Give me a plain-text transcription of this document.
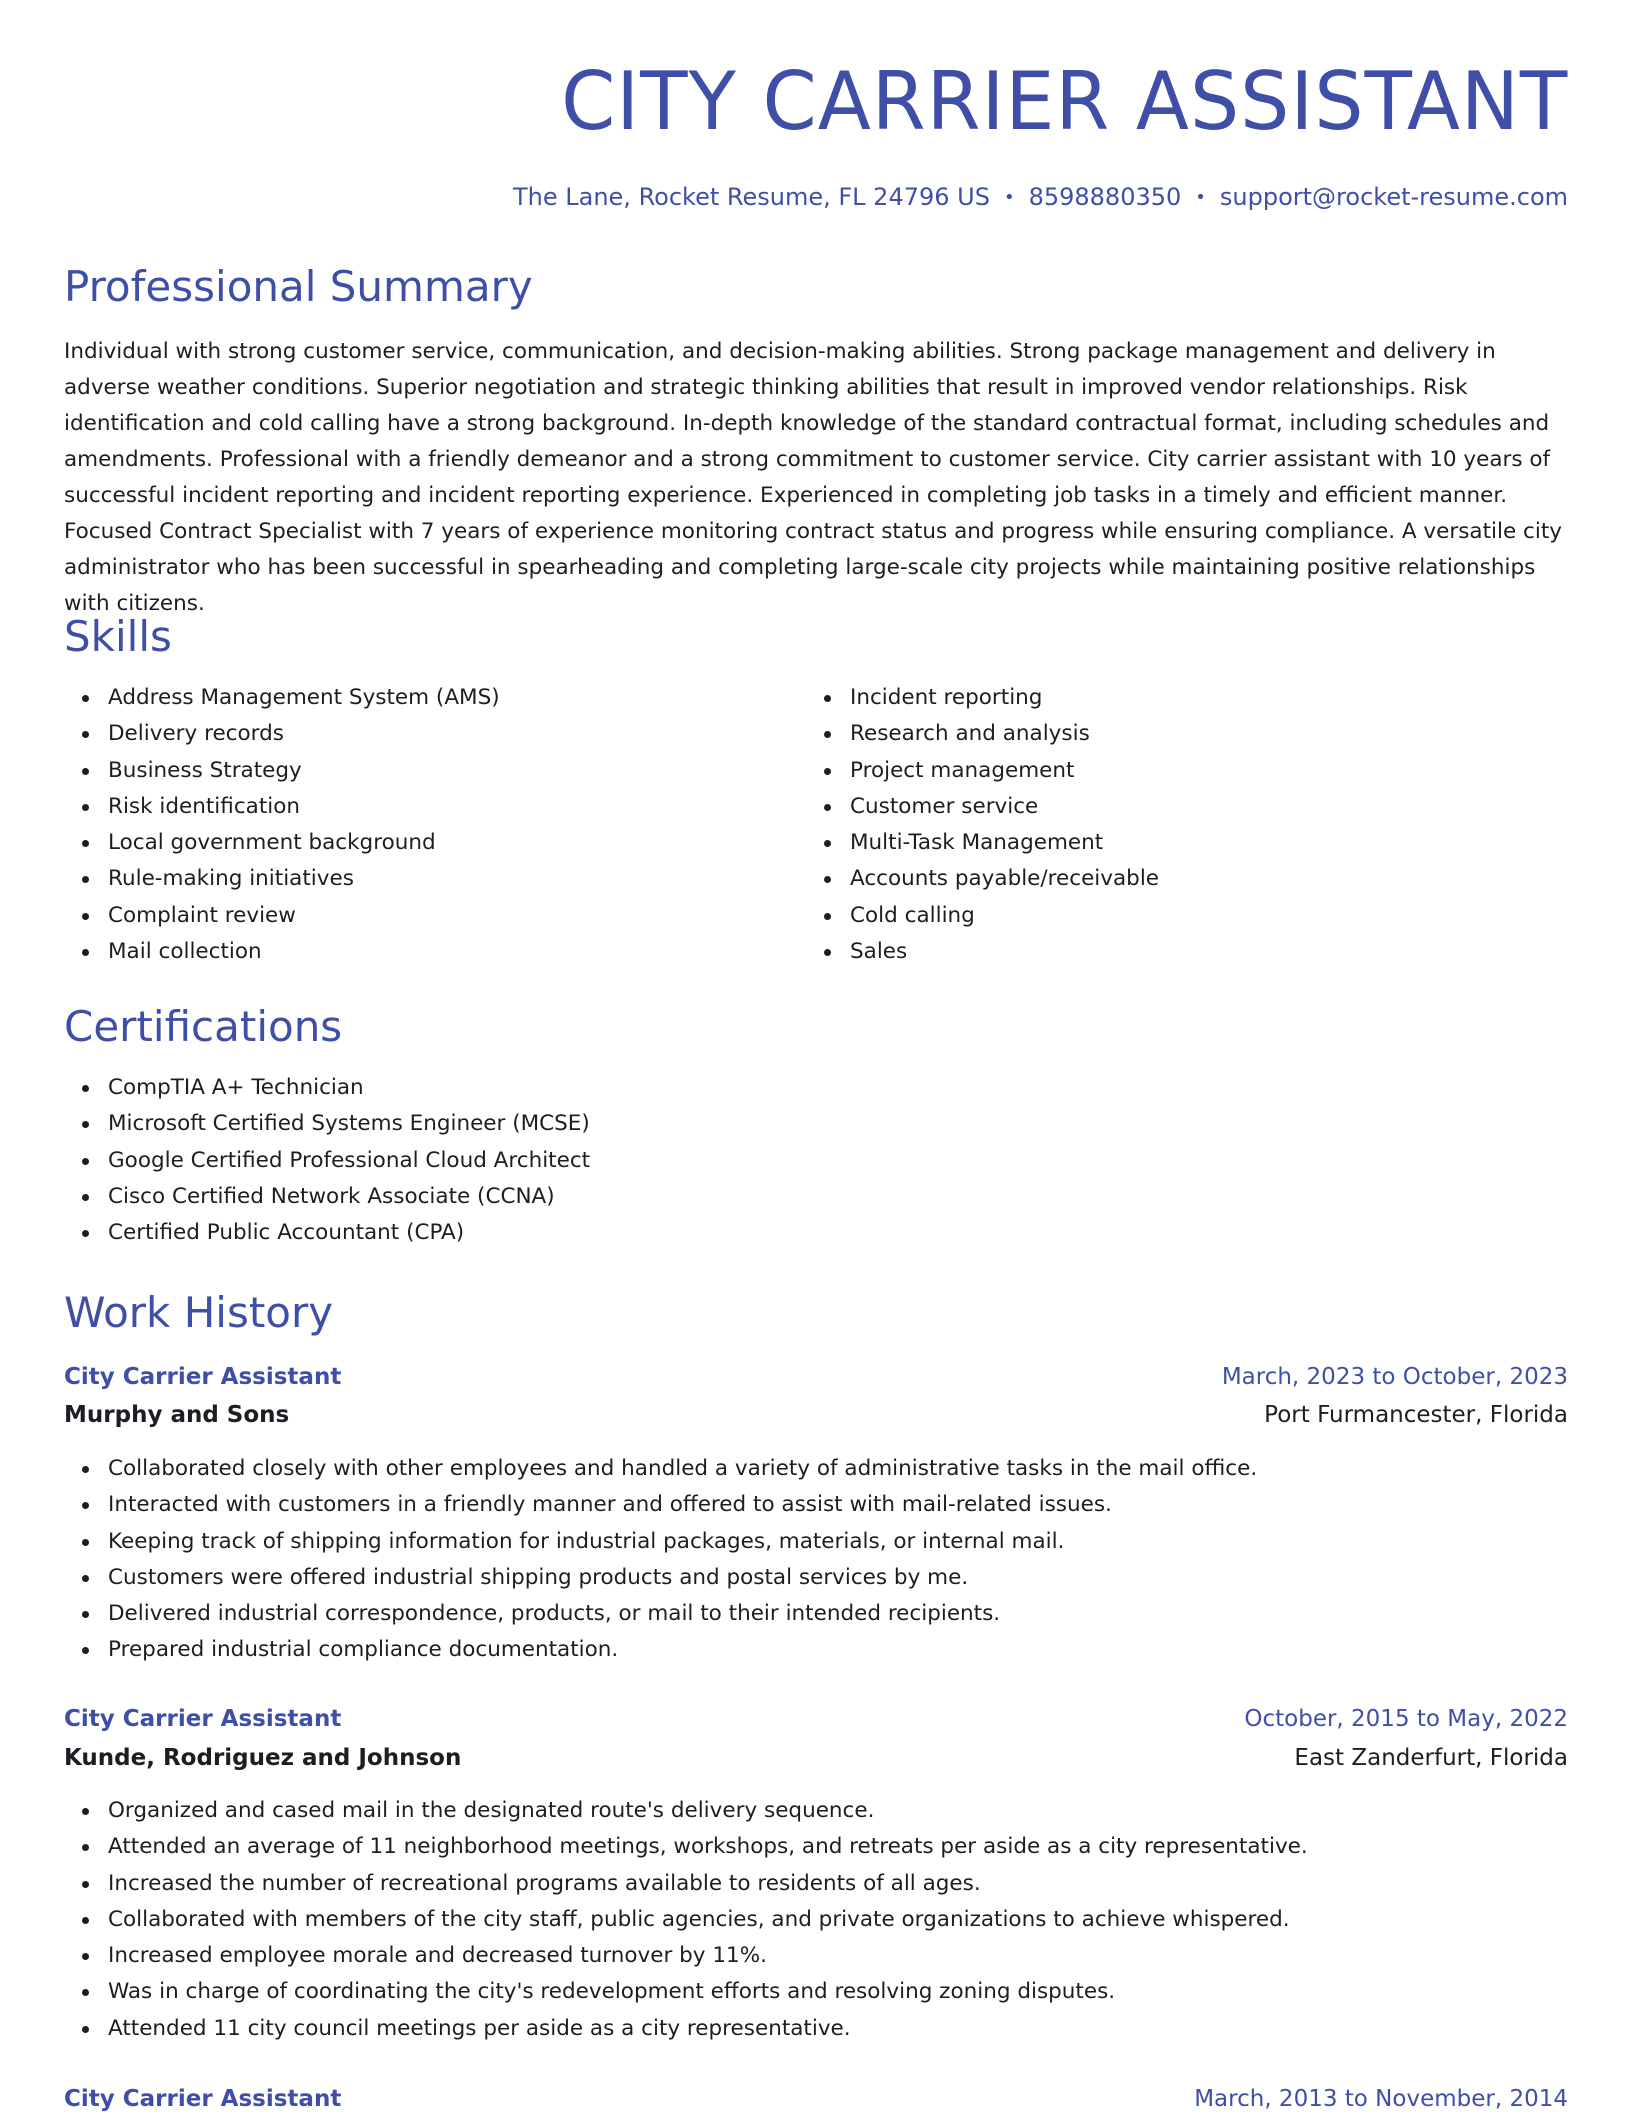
CITY CARRIER ASSISTANT
The Lane, Rocket Resume, FL 24796 US • 8598880350 • support@rocket-resume.com
Professional Summary

Individual with strong customer service, communication, and decision-making abilities. Strong package management and delivery in adverse weather conditions. Superior negotiation and strategic thinking abilities that result in improved vendor relationships. Risk identification and cold calling have a strong background. In-depth knowledge of the standard contractual format, including schedules and amendments. Professional with a friendly demeanor and a strong commitment to customer service. City carrier assistant with 10 years of successful incident reporting and incident reporting experience. Experienced in completing job tasks in a timely and efficient manner. Focused Contract Specialist with 7 years of experience monitoring contract status and progress while ensuring compliance. A versatile city administrator who has been successful in spearheading and completing large-scale city projects while maintaining positive relationships with citizens.

Skills
Address Management System (AMS)
Delivery records
Business Strategy
Risk identification
Local government background
Rule-making initiatives
Complaint review
Mail collection
Incident reporting
Research and analysis
Project management
Customer service
Multi-Task Management
Accounts payable/receivable
Cold calling
Sales
Certifications
CompTIA A+ Technician
Microsoft Certified Systems Engineer (MCSE)
Google Certified Professional Cloud Architect
Cisco Certified Network Associate (CCNA)
Certified Public Accountant (CPA)
Work History
City Carrier Assistant	March, 2023 to October, 2023
Murphy and Sons	Port Furmancester, Florida
Collaborated closely with other employees and handled a variety of administrative tasks in the mail office.
Interacted with customers in a friendly manner and offered to assist with mail-related issues.
Keeping track of shipping information for industrial packages, materials, or internal mail.
Customers were offered industrial shipping products and postal services by me.
Delivered industrial correspondence, products, or mail to their intended recipients.
Prepared industrial compliance documentation.
City Carrier Assistant	October, 2015 to May, 2022
Kunde, Rodriguez and Johnson	East Zanderfurt, Florida
Organized and cased mail in the designated route's delivery sequence.
Attended an average of 11 neighborhood meetings, workshops, and retreats per aside as a city representative.
Increased the number of recreational programs available to residents of all ages.
Collaborated with members of the city staff, public agencies, and private organizations to achieve whispered.
Increased employee morale and decreased turnover by 11%.
Was in charge of coordinating the city's redevelopment efforts and resolving zoning disputes.
Attended 11 city council meetings per aside as a city representative.
City Carrier Assistant	March, 2013 to November, 2014
